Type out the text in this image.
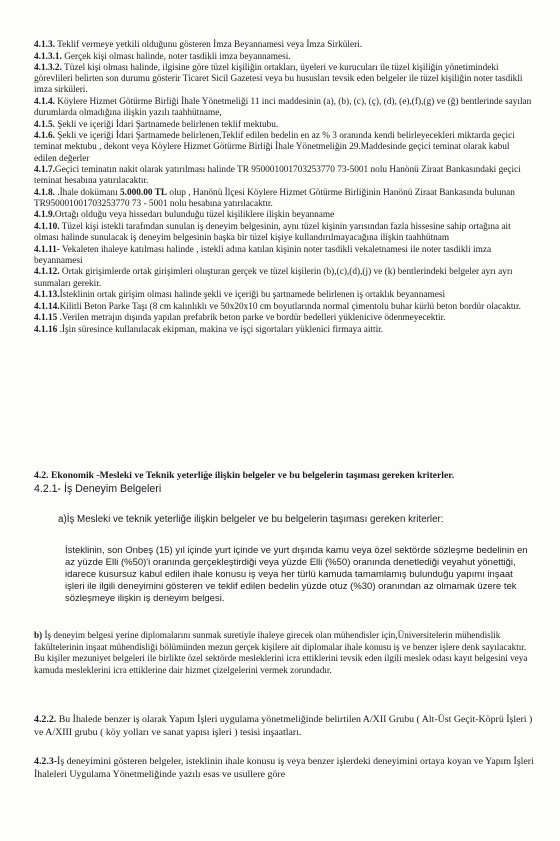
4.1.3. Teklif vermeye yetkili olduğunu gösteren İmza Beyannamesi veya İmza Sirküleri.

4.1.3.1. Gerçek kişi olması halinde, noter tasdikli imza beyannamesi.

4.1.3.2. Tüzel kişi olması halinde, ilgisine göre tüzel kişiliğin ortakları, üyeleri ve kurucuları ile tüzel kişiliğin yönetimindeki görevlileri belirten son durumu gösterir Ticaret Sicil Gazetesi veya bu hususları tevsik eden belgeler ile tüzel kişiliğin noter tasdikli imza sirküleri.

4.1.4. Köylere Hizmet Götürme Birliği İhale Yönetmeliği 11 inci maddesinin (a), (b), (c), (ç), (d), (e),(f),(g) ve (ğ) bentlerinde sayılan durumlarda olmadığına ilişkin yazılı taahhütname,

4.1.5. Şekli ve içeriği İdari Şartnamede belirlenen teklif mektubu.

4.1.6. Şekli ve içeriği İdari Şartnamede belirlenen,Teklif edilen bedelin en az % 3 oranında kendi belirleyecekleri miktarda geçici teminat mektubu , dekont veya Köylere Hizmet Götürme Birliği İhale Yönetmeliğin 29.Maddesinde geçici teminat olarak kabul edilen değerler

4.1.7.Geçici teminatın nakit olarak yatırılması halinde TR 950001001703253770 73-5001 nolu Hanönü Ziraat Bankasındaki geçici teminat hesabına yatırılacaktır.

4.1.8. .İhale dokümanı 5.000.00 TL olup , Hanönü İlçesi Köylere Hizmet Götürme Birliğinin Hanönü Ziraat Bankasında bulunan TR950001001703253770 73 - 5001 nolu hesabına yatırılacaktır.

4.1.9.Ortağı olduğu veya hissedarı bulunduğu tüzel kişiliklere ilişkin beyanname

4.1.10. Tüzel kişi istekli tarafından sunulan iş deneyim belgesinin, aynı tüzel kişinin yarısından fazla hissesine sahip ortağına ait olması halinde sunulacak iş deneyim belgesinin başka bir tüzel kişiye kullandırılmayacağına ilişkin taahhütnam

4.1.11- Vekaleten ihaleye katılması halinde , istekli adına katılan kişinin noter tasdikli vekaletnamesi ile noter tasdikli imza beyannamesi

4.1.12. Ortak girişimlerde ortak girişimleri oluşturan gerçek ve tüzel kişilerin (b),(c),(d),(j) ve (k) bentlerindeki belgeler ayrı ayrı sunmaları gerekir.

4.1.13.İsteklinin ortak girişim olması halinde şekli ve içeriği bu şartnamede belirlenen iş ortaklık beyannamesi

4.1.14.Kilitli Beton Parke Taşı (8 cm kalınlıklı ve 50x20x10 cm boyutlarında normal çimentolu buhar kürlü beton bordür olacaktır.

4.1.15 .Verilen metrajın dışında yapılan prefabrik beton parke ve bordür bedelleri yüklenicive ödenmeyecektir.

4.1.16 .İşin süresince kullanılacak ekipman, makina ve işçi sigortaları yüklenici firmaya aittir.

4.2. Ekonomik -Mesleki ve Teknik yeterliğe ilişkin belgeler ve bu belgelerin taşıması gereken kriterler.
4.2.1- İş Deneyim Belgeleri
a)İş Mesleki ve teknik yeterliğe ilişkin belgeler ve bu belgelerin taşıması gereken kriterler:
İsteklinin, son Onbeş (15) yıl içinde yurt içinde ve yurt dışında kamu veya özel sektörde sözleşme bedelinin en az yüzde Elli (%50)'i oranında gerçekleştirdiği veya yüzde Elli (%50) oranında denetlediği veyahut yönettiği, idarece kusursuz kabul edilen ihale konusu iş veya her türlü kamuda tamamlamış bulunduğu yapımı inşaat işleri ile ilgili deneyimini gösteren ve teklif edilen bedelin yüzde otuz (%30) oranından az olmamak üzere tek sözleşmeye ilişkin iş deneyim belgesi.
b) İş deneyim belgesi yerine diplomalarını sunmak suretiyle ihaleye girecek olan mühendisler için,Üniversitelerin mühendislik fakültelerinin inşaat mühendisliği bölümünden mezun gerçek kişilere ait diplomalar ihale konusu iş ve benzer işlere denk sayılacaktır. Bu kişiler mezuniyet belgeleri ile birlikte özel sektörde mesleklerini icra ettiklerini tevsik eden ilgili meslek odası kayıt belgesini veya kamuda mesleklerini icra ettiklerine dair hizmet çizelgelerini vermek zorundadır.
4.2.2. Bu İhalede benzer iş olarak Yapım İşleri uygulama yönetmeliğinde belirtilen A/XII Grubu ( Alt-Üst Geçit-Köprü İşleri ) ve A/XIII grubu ( köy yolları ve sanat yapısı işleri ) tesisi inşaatları.
4.2.3-İş deneyimini gösteren belgeler, isteklinin ihale konusu iş veya benzer işlerdeki deneyimini ortaya koyan ve Yapım İşleri İhaleleri Uygulama Yönetmeliğinde yazılı esas ve usullere göre
